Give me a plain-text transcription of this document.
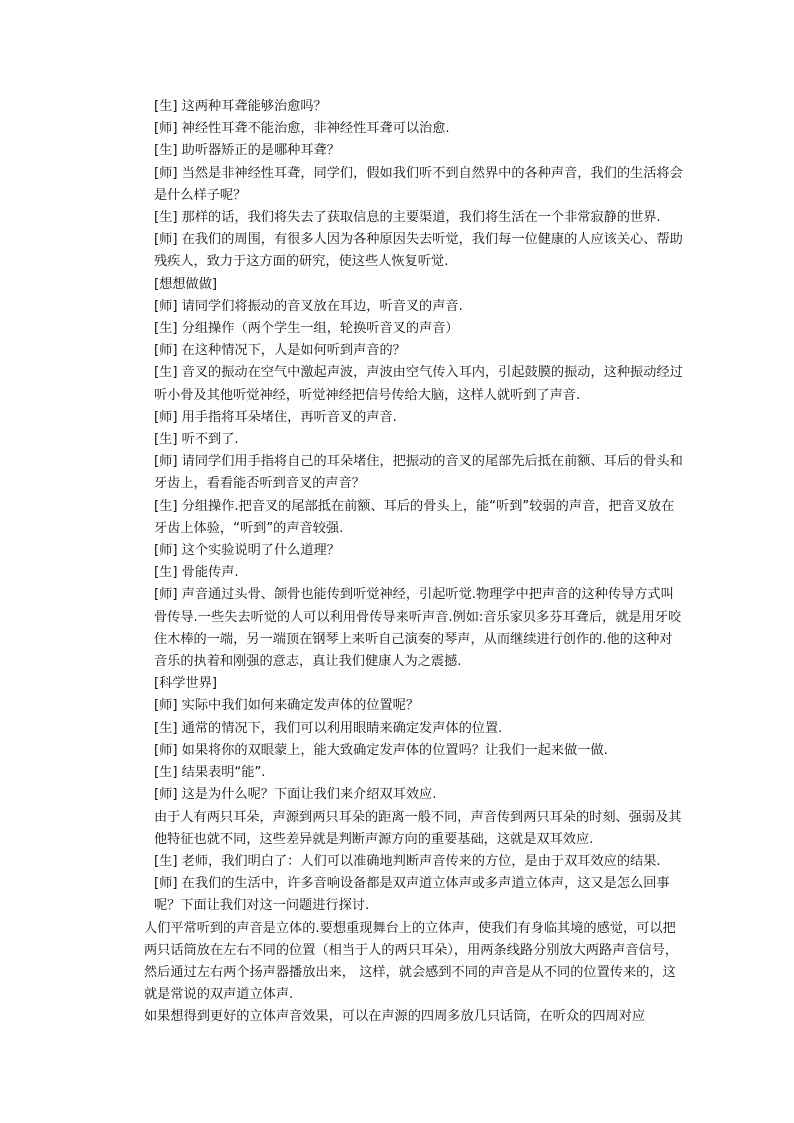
[生] 这两种耳聋能够治愈吗？

[师] 神经性耳聋不能治愈，非神经性耳聋可以治愈.

[生] 助听器矫正的是哪种耳聋？

[师] 当然是非神经性耳聋，同学们，假如我们听不到自然界中的各种声音，我们的生活将会是什么样子呢？

[生] 那样的话，我们将失去了获取信息的主要渠道，我们将生活在一个非常寂静的世界.

[师] 在我们的周围，有很多人因为各种原因失去听觉，我们每一位健康的人应该关心、帮助残疾人，致力于这方面的研究，使这些人恢复听觉.

[想想做做]

[师] 请同学们将振动的音叉放在耳边，听音叉的声音.

[生] 分组操作（两个学生一组，轮换听音叉的声音）

[师] 在这种情况下，人是如何听到声音的？

[生] 音叉的振动在空气中激起声波，声波由空气传入耳内，引起鼓膜的振动，这种振动经过听小骨及其他听觉神经，听觉神经把信号传给大脑，这样人就听到了声音.

[师] 用手指将耳朵堵住，再听音叉的声音.

[生] 听不到了.

[师] 请同学们用手指将自己的耳朵堵住，把振动的音叉的尾部先后抵在前额、耳后的骨头和牙齿上，看看能否听到音叉的声音？

[生] 分组操作.把音叉的尾部抵在前额、耳后的骨头上，能“听到”较弱的声音，把音叉放在牙齿上体验，“听到”的声音较强.

[师] 这个实验说明了什么道理？

[生] 骨能传声.

[师] 声音通过头骨、颌骨也能传到听觉神经，引起听觉.物理学中把声音的这种传导方式叫骨传导.一些失去听觉的人可以利用骨传导来听声音.例如:音乐家贝多芬耳聋后，就是用牙咬住木棒的一端，另一端顶在钢琴上来听自己演奏的琴声，从而继续进行创作的.他的这种对音乐的执着和刚强的意志，真让我们健康人为之震撼.

[科学世界]

[师] 实际中我们如何来确定发声体的位置呢？

[生] 通常的情况下，我们可以利用眼睛来确定发声体的位置.

[师] 如果将你的双眼蒙上，能大致确定发声体的位置吗？让我们一起来做一做.

[生] 结果表明“能”.

[师] 这是为什么呢？下面让我们来介绍双耳效应.

由于人有两只耳朵，声源到两只耳朵的距离一般不同，声音传到两只耳朵的时刻、强弱及其他特征也就不同，这些差异就是判断声源方向的重要基础，这就是双耳效应.

[生] 老师，我们明白了：人们可以准确地判断声音传来的方位，是由于双耳效应的结果.

[师] 在我们的生活中，许多音响设备都是双声道立体声或多声道立体声，这又是怎么回事呢？下面让我们对这一问题进行探讨.

人们平常听到的声音是立体的.要想重现舞台上的立体声，使我们有身临其境的感觉，可以把两只话筒放在左右不同的位置（相当于人的两只耳朵），用两条线路分别放大两路声音信号，然后通过左右两个扬声器播放出来， 这样，就会感到不同的声音是从不同的位置传来的，这就是常说的双声道立体声.

如果想得到更好的立体声音效果，可以在声源的四周多放几只话筒，在听众的四周对应
